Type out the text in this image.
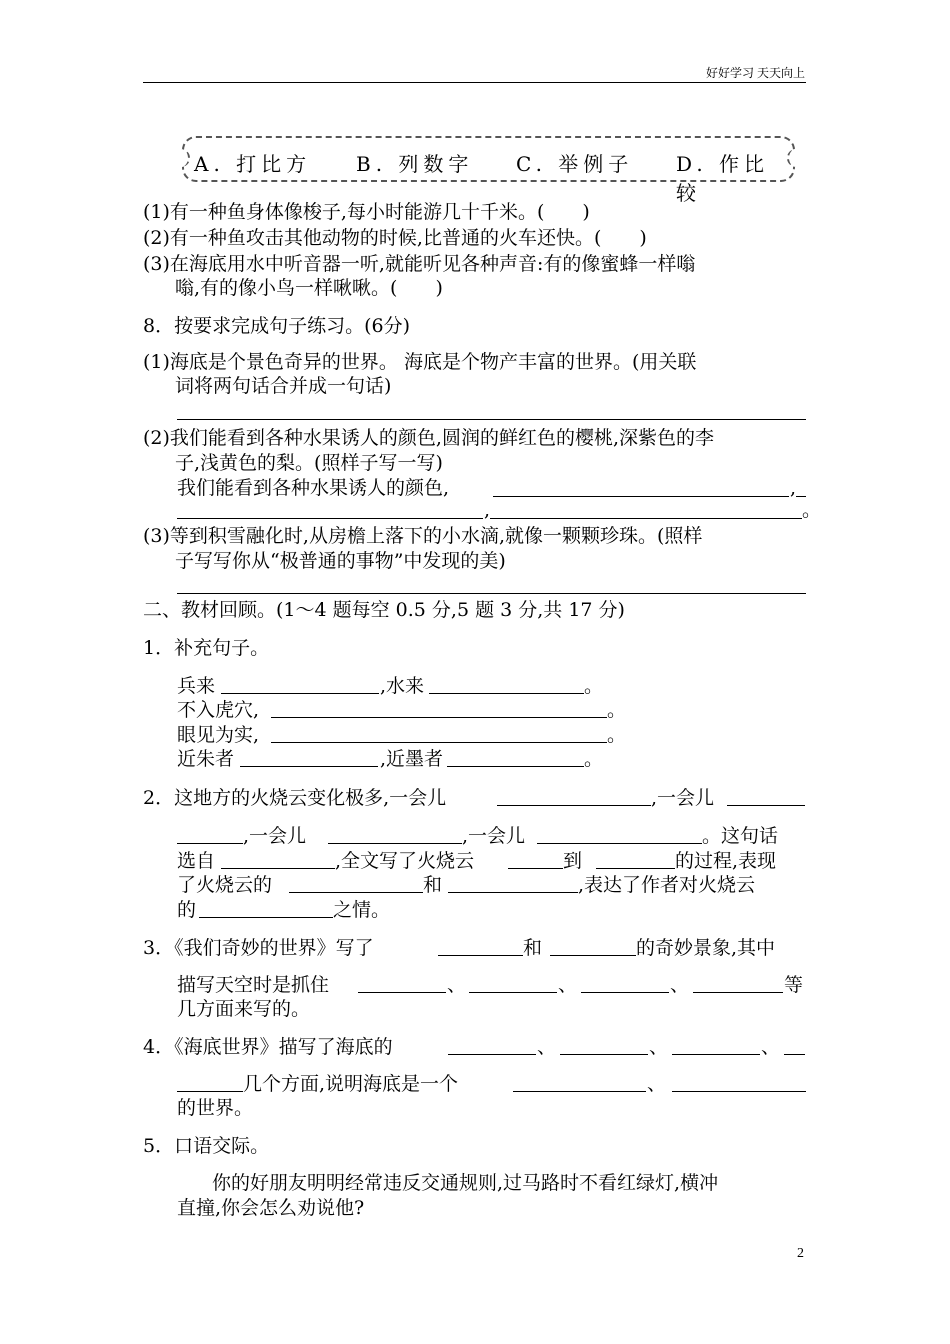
好好学习 天天向上
A. 打比方 B. 列数字 C. 举例子 D. 作比较
(1)有一种鱼身体像梭子,每小时能游几十千米。(　　)
(2)有一种鱼攻击其他动物的时候,比普通的火车还快。(　　)
(3)在海底用水中听音器一听,就能听见各种声音:有的像蜜蜂一样嗡
嗡,有的像小鸟一样啾啾。(　　)
8．按要求完成句子练习。(6分)
(1)海底是个景色奇异的世界。 海底是个物产丰富的世界。(用关联
词将两句话合并成一句话)
(2)我们能看到各种水果诱人的颜色,圆润的鲜红色的樱桃,深紫色的李
子,浅黄色的梨。(照样子写一写)
我们能看到各种水果诱人的颜色,	,
,	。
(3)等到积雪融化时,从房檐上落下的小水滴,就像一颗颗珍珠。(照样
子写写你从“极普通的事物”中发现的美)
二、教材回顾。(1～4 题每空 0.5 分,5 题 3 分,共 17 分)
1．补充句子。
兵来	,水来	。
不入虎穴,	。
眼见为实,	。
近朱者	,近墨者	。
2．这地方的火烧云变化极多,一会儿	,一会儿
,一会儿	,一会儿	。这句话
选自	,全文写了火烧云	到	的过程,表现
了火烧云的	和	,表达了作者对火烧云
的	之情。
3．《我们奇妙的世界》写了	和	的奇妙景象,其中
描写天空时是抓住	、	、	、	等
几方面来写的。
4．《海底世界》描写了海底的	、	、	、
几个方面,说明海底是一个	、
的世界。
5．口语交际。
你的好朋友明明经常违反交通规则,过马路时不看红绿灯,横冲
直撞,你会怎么劝说他?
2
